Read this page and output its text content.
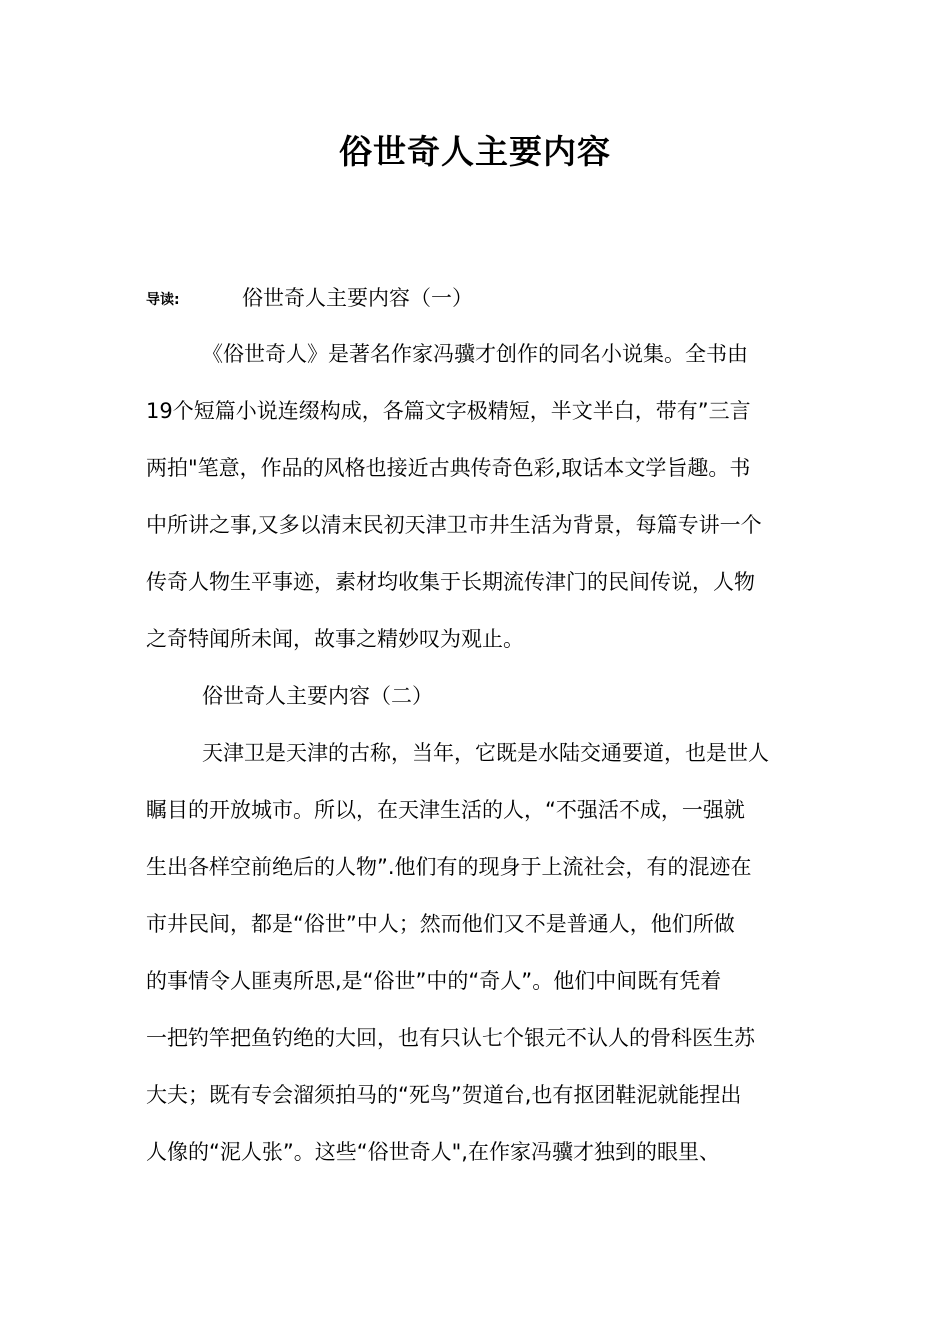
俗世奇人主要内容
导读:	俗世奇人主要内容（一）
《俗世奇人》是著名作家冯骥才创作的同名小说集。全书由
19个短篇小说连缀构成，各篇文字极精短，半文半白，带有”三言
两拍"笔意，作品的风格也接近古典传奇色彩,取话本文学旨趣。书
中所讲之事,又多以清末民初天津卫市井生活为背景，每篇专讲一个
传奇人物生平事迹，素材均收集于长期流传津门的民间传说，人物
之奇特闻所未闻，故事之精妙叹为观止。
俗世奇人主要内容（二）
天津卫是天津的古称，当年，它既是水陆交通要道，也是世人
瞩目的开放城市。所以，在天津生活的人，“不强活不成，一强就
生出各样空前绝后的人物”.他们有的现身于上流社会，有的混迹在
市井民间，都是“俗世”中人；然而他们又不是普通人，他们所做
的事情令人匪夷所思,是“俗世”中的“奇人”。他们中间既有凭着
一把钓竿把鱼钓绝的大回，也有只认七个银元不认人的骨科医生苏
大夫；既有专会溜须拍马的“死鸟”贺道台,也有抠团鞋泥就能捏出
人像的“泥人张”。这些“俗世奇人",在作家冯骥才独到的眼里、
